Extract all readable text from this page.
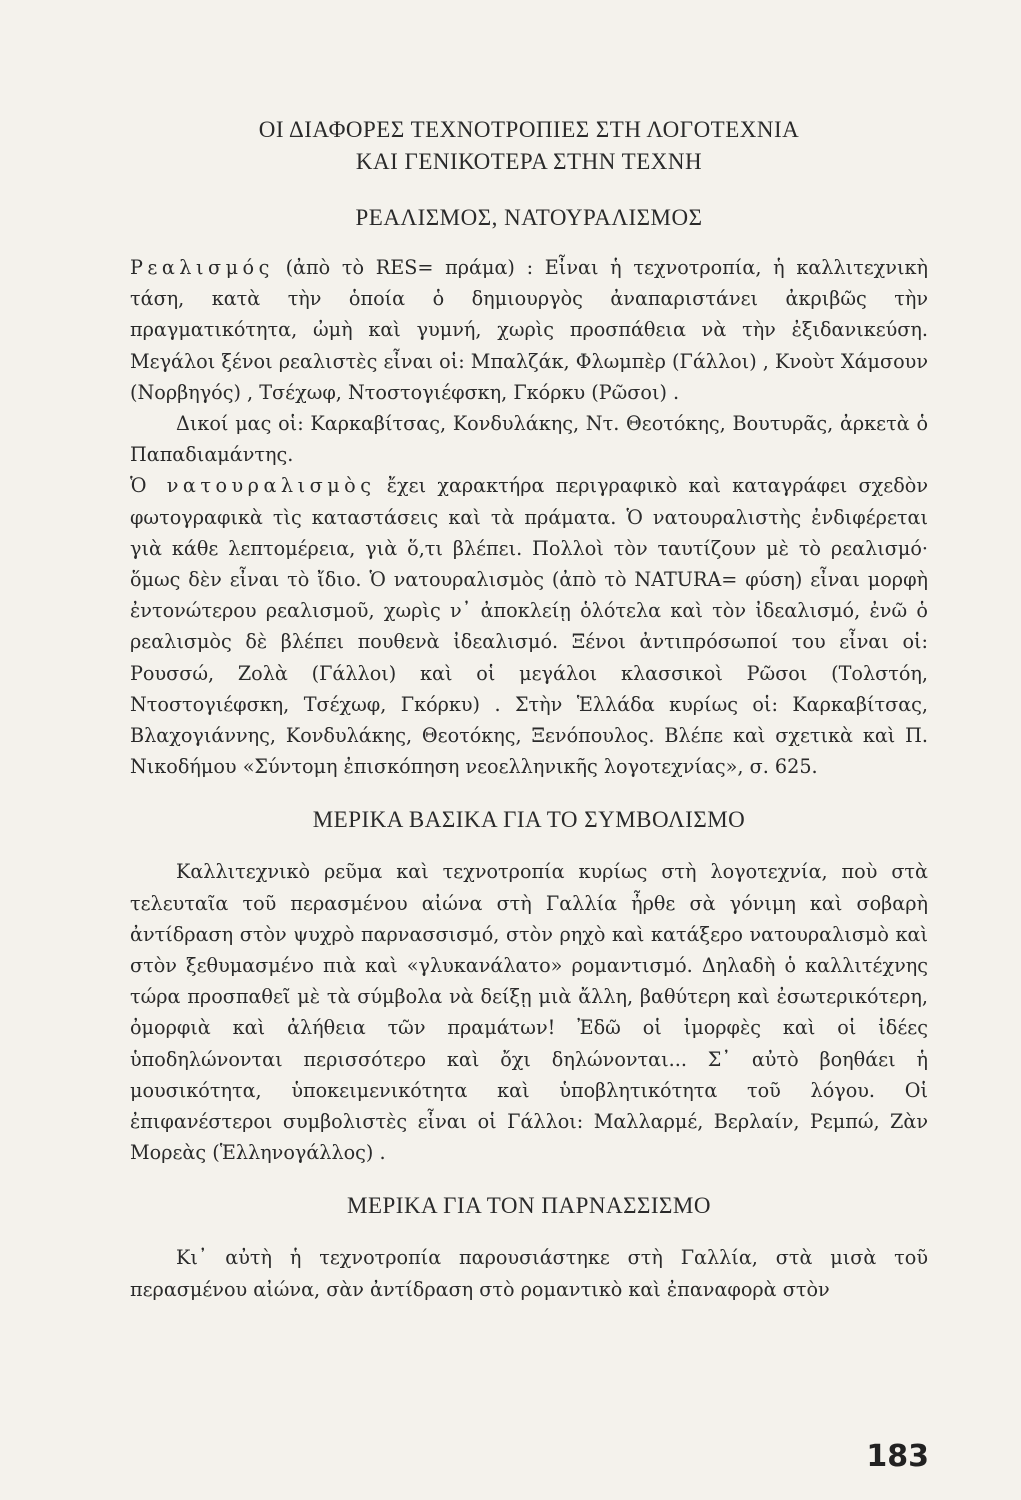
ΟΙ ΔΙΑΦΟΡΕΣ ΤΕΧΝΟΤΡΟΠΙΕΣ ΣΤΗ ΛΟΓΟΤΕΧΝΙΑ
ΚΑΙ ΓΕΝΙΚΟΤΕΡΑ ΣΤΗΝ ΤΕΧΝΗ
ΡΕΑΛΙΣΜΟΣ, ΝΑΤΟΥΡΑΛΙΣΜΟΣ

Ρεαλισμός (ἀπὸ τὸ RES= πράμα) : Εἶναι ἡ τεχνοτροπία, ἡ καλλιτεχνικὴ τάση, κατὰ τὴν ὁποία ὁ δημιουργὸς ἀναπαριστάνει ἀκριβῶς τὴν πραγματικότητα, ὠμὴ καὶ γυμνή, χωρὶς προσπάθεια νὰ τὴν ἐξιδανικεύση. Μεγάλοι ξένοι ρεαλιστὲς εἶναι οἱ: Μπαλζάκ, Φλωμπὲρ (Γάλλοι) , Κνοὺτ Χάμσουν (Νορβηγός) , Τσέχωφ, Ντοστογιέφσκη, Γκόρκυ (Ρῶσοι) .

Δικοί μας οἱ: Καρκαβίτσας, Κονδυλάκης, Ντ. Θεοτόκης, Βουτυρᾶς, ἀρκετὰ ὁ Παπαδιαμάντης.

Ὁ νατουραλισμὸς ἔχει χαρακτήρα περιγραφικὸ καὶ καταγράφει σχεδὸν φωτογραφικὰ τὶς καταστάσεις καὶ τὰ πράματα. Ὁ νατουραλιστὴς ἐνδιφέρεται γιὰ κάθε λεπτομέρεια, γιὰ ὅ,τι βλέπει. Πολλοὶ τὸν ταυτίζουν μὲ τὸ ρεαλισμό· ὅμως δὲν εἶναι τὸ ἴδιο. Ὁ νατουραλισμὸς (ἀπὸ τὸ NATURA= φύση) εἶναι μορφὴ ἐντονώτερου ρεαλισμοῦ, χωρὶς ν᾽ ἀποκλείῃ ὁλότελα καὶ τὸν ἰδεαλισμό, ἐνῶ ὁ ρεαλισμὸς δὲ βλέπει πουθενὰ ἰδεαλισμό. Ξένοι ἀντιπρόσωποί του εἶναι οἱ: Ρουσσώ, Ζολὰ (Γάλλοι) καὶ οἱ μεγάλοι κλασσικοὶ Ρῶσοι (Τολστόη, Ντοστογιέφσκη, Τσέχωφ, Γκόρκυ) . Στὴν Ἑλλάδα κυρίως οἱ: Καρκαβίτσας, Βλαχογιάννης, Κονδυλάκης, Θεοτόκης, Ξενόπουλος. Βλέπε καὶ σχετικὰ καὶ Π. Νικοδήμου «Σύντομη ἐπισκόπηση νεοελληνικῆς λογοτεχνίας», σ. 625.

ΜΕΡΙΚΑ ΒΑΣΙΚΑ ΓΙΑ ΤΟ ΣΥΜΒΟΛΙΣΜΟ

Καλλιτεχνικὸ ρεῦμα καὶ τεχνοτροπία κυρίως στὴ λογοτεχνία, ποὺ στὰ τελευταῖα τοῦ περασμένου αἰώνα στὴ Γαλλία ἦρθε σὰ γόνιμη καὶ σοβαρὴ ἀντίδραση στὸν ψυχρὸ παρνασσισμό, στὸν ρηχὸ καὶ κατάξερο νατουραλισμὸ καὶ στὸν ξεθυμασμένο πιὰ καὶ «γλυκανάλατο» ρομαντισμό. Δηλαδὴ ὁ καλλιτέχνης τώρα προσπαθεῖ μὲ τὰ σύμβολα νὰ δείξῃ μιὰ ἄλλη, βαθύτερη καὶ ἐσωτερικότερη, ὀμορφιὰ καὶ ἀλήθεια τῶν πραμάτων! Ἐδῶ οἱ ἰμορφὲς καὶ οἱ ἰδέες ὑποδηλώνονται περισσότερο καὶ ὄχι δηλώνονται... Σ᾽ αὐτὸ βοηθάει ἡ μουσικότητα, ὑποκειμενικότητα καὶ ὑποβλητικότητα τοῦ λόγου. Οἱ ἐπιφανέστεροι συμβολιστὲς εἶναι οἱ Γάλλοι: Μαλλαρμέ, Βερλαίν, Ρεμπώ, Ζὰν Μορεὰς (Ἑλληνογάλλος) .

ΜΕΡΙΚΑ ΓΙΑ ΤΟΝ ΠΑΡΝΑΣΣΙΣΜΟ

Κι᾽ αὐτὴ ἡ τεχνοτροπία παρουσιάστηκε στὴ Γαλλία, στὰ μισὰ τοῦ περασμένου αἰώνα, σὰν ἀντίδραση στὸ ρομαντικὸ καὶ ἐπαναφορὰ στὸν

183
